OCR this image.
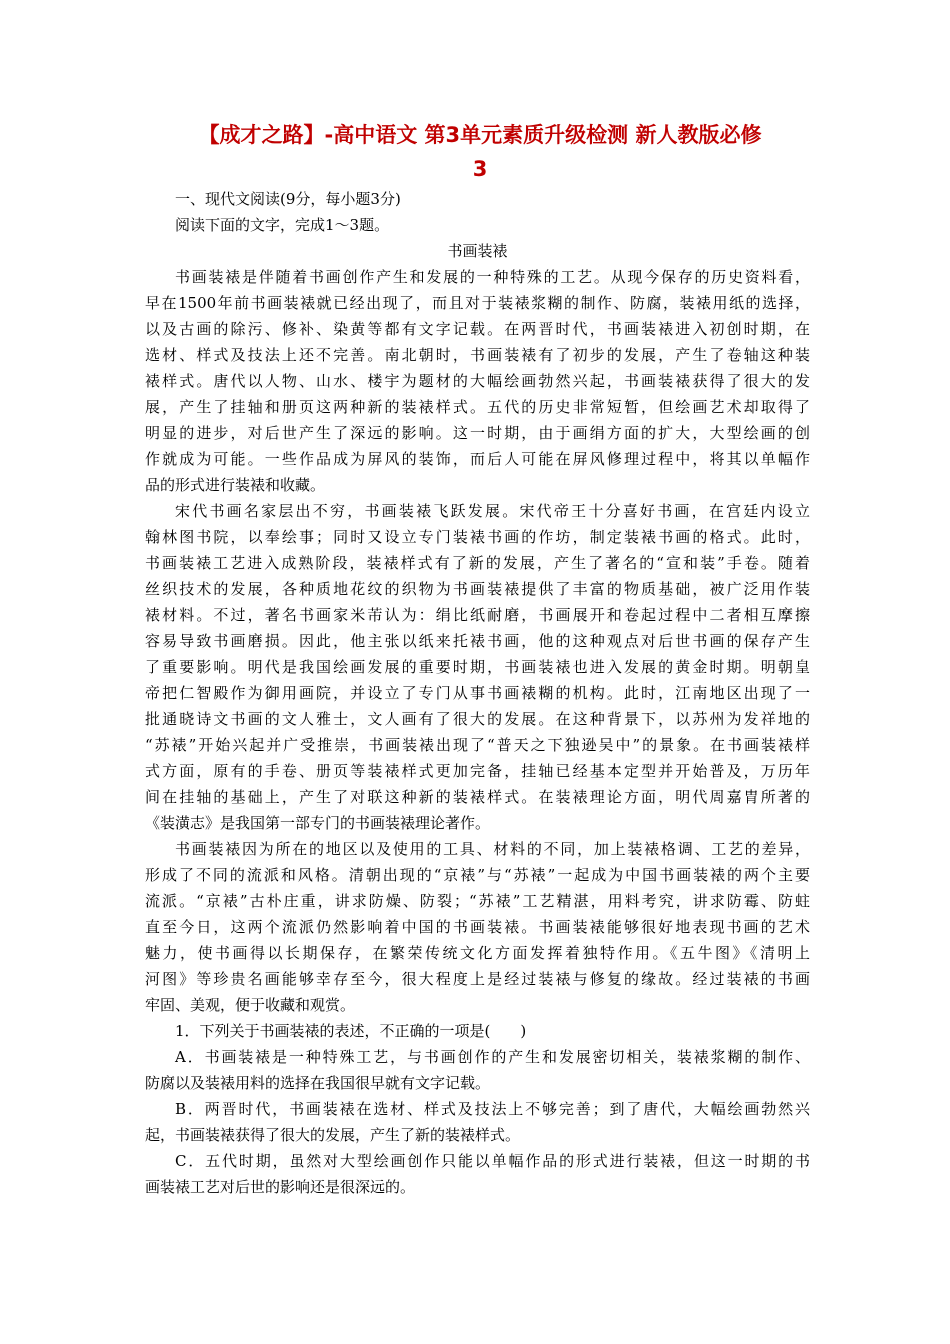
【成才之路】-高中语文 第3单元素质升级检测 新人教版必修
3
一、现代文阅读(9分，每小题3分)
阅读下面的文字，完成1～3题。
书画装裱
书画装裱是伴随着书画创作产生和发展的一种特殊的工艺。从现今保存的历史资料看，
早在1500年前书画装裱就已经出现了，而且对于装裱浆糊的制作、防腐，装裱用纸的选择，
以及古画的除污、修补、染黄等都有文字记载。在两晋时代，书画装裱进入初创时期，在
选材、样式及技法上还不完善。南北朝时，书画装裱有了初步的发展，产生了卷轴这种装
裱样式。唐代以人物、山水、楼宇为题材的大幅绘画勃然兴起，书画装裱获得了很大的发
展，产生了挂轴和册页这两种新的装裱样式。五代的历史非常短暂，但绘画艺术却取得了
明显的进步，对后世产生了深远的影响。这一时期，由于画绢方面的扩大，大型绘画的创
作就成为可能。一些作品成为屏风的装饰，而后人可能在屏风修理过程中，将其以单幅作
品的形式进行装裱和收藏。
宋代书画名家层出不穷，书画装裱飞跃发展。宋代帝王十分喜好书画，在宫廷内设立
翰林图书院，以奉绘事；同时又设立专门装裱书画的作坊，制定装裱书画的格式。此时，
书画装裱工艺进入成熟阶段，装裱样式有了新的发展，产生了著名的“宣和装”手卷。随着
丝织技术的发展，各种质地花纹的织物为书画装裱提供了丰富的物质基础，被广泛用作装
裱材料。不过，著名书画家米芾认为：绢比纸耐磨，书画展开和卷起过程中二者相互摩擦
容易导致书画磨损。因此，他主张以纸来托裱书画，他的这种观点对后世书画的保存产生
了重要影响。明代是我国绘画发展的重要时期，书画装裱也进入发展的黄金时期。明朝皇
帝把仁智殿作为御用画院，并设立了专门从事书画裱糊的机构。此时，江南地区出现了一
批通晓诗文书画的文人雅士，文人画有了很大的发展。在这种背景下，以苏州为发祥地的
“苏裱”开始兴起并广受推崇，书画装裱出现了“普天之下独逊吴中”的景象。在书画装裱样
式方面，原有的手卷、册页等装裱样式更加完备，挂轴已经基本定型并开始普及，万历年
间在挂轴的基础上，产生了对联这种新的装裱样式。在装裱理论方面，明代周嘉胄所著的
《装潢志》是我国第一部专门的书画装裱理论著作。
书画装裱因为所在的地区以及使用的工具、材料的不同，加上装裱格调、工艺的差异，
形成了不同的流派和风格。清朝出现的“京裱”与“苏裱”一起成为中国书画装裱的两个主要
流派。“京裱”古朴庄重，讲求防燥、防裂；“苏裱”工艺精湛，用料考究，讲求防霉、防蛀
直至今日，这两个流派仍然影响着中国的书画装裱。书画装裱能够很好地表现书画的艺术
魅力，使书画得以长期保存，在繁荣传统文化方面发挥着独特作用。《五牛图》《清明上
河图》等珍贵名画能够幸存至今，很大程度上是经过装裱与修复的缘故。经过装裱的书画
牢固、美观，便于收藏和观赏。
1．下列关于书画装裱的表述，不正确的一项是(　　)
A．书画装裱是一种特殊工艺，与书画创作的产生和发展密切相关，装裱浆糊的制作、
防腐以及装裱用料的选择在我国很早就有文字记载。
B．两晋时代，书画装裱在选材、样式及技法上不够完善；到了唐代，大幅绘画勃然兴
起，书画装裱获得了很大的发展，产生了新的装裱样式。
C．五代时期，虽然对大型绘画创作只能以单幅作品的形式进行装裱，但这一时期的书
画装裱工艺对后世的影响还是很深远的。
